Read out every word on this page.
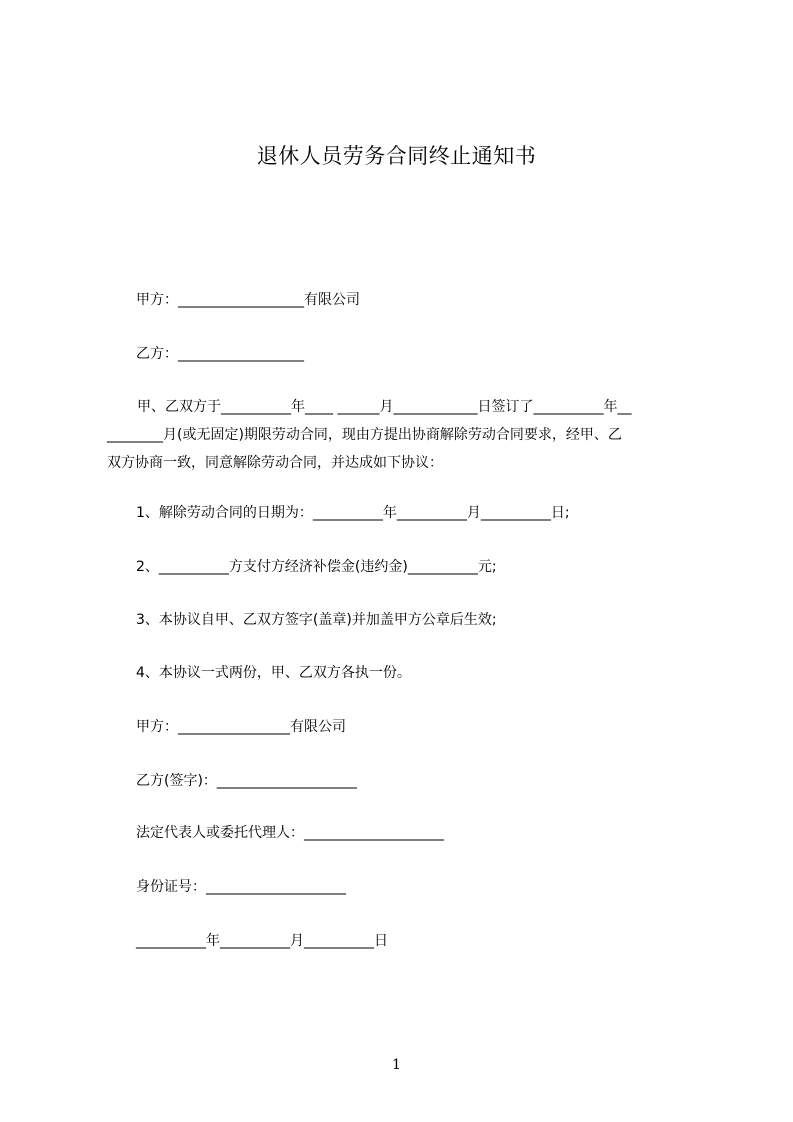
退休人员劳务合同终止通知书
甲方：__________________有限公司
乙方：__________________
甲、乙双方于__________年____ ______月____________日签订了__________年__
________月(或无固定)期限劳动合同，现由方提出协商解除劳动合同要求，经甲、乙
双方协商一致，同意解除劳动合同，并达成如下协议：
1、解除劳动合同的日期为：__________年__________月__________日;
2、__________方支付方经济补偿金(违约金)__________元;
3、本协议自甲、乙双方签字(盖章)并加盖甲方公章后生效;
4、本协议一式两份，甲、乙双方各执一份。
甲方：________________有限公司
乙方(签字)：____________________
法定代表人或委托代理人：____________________
身份证号：____________________
__________年__________月__________日
1
